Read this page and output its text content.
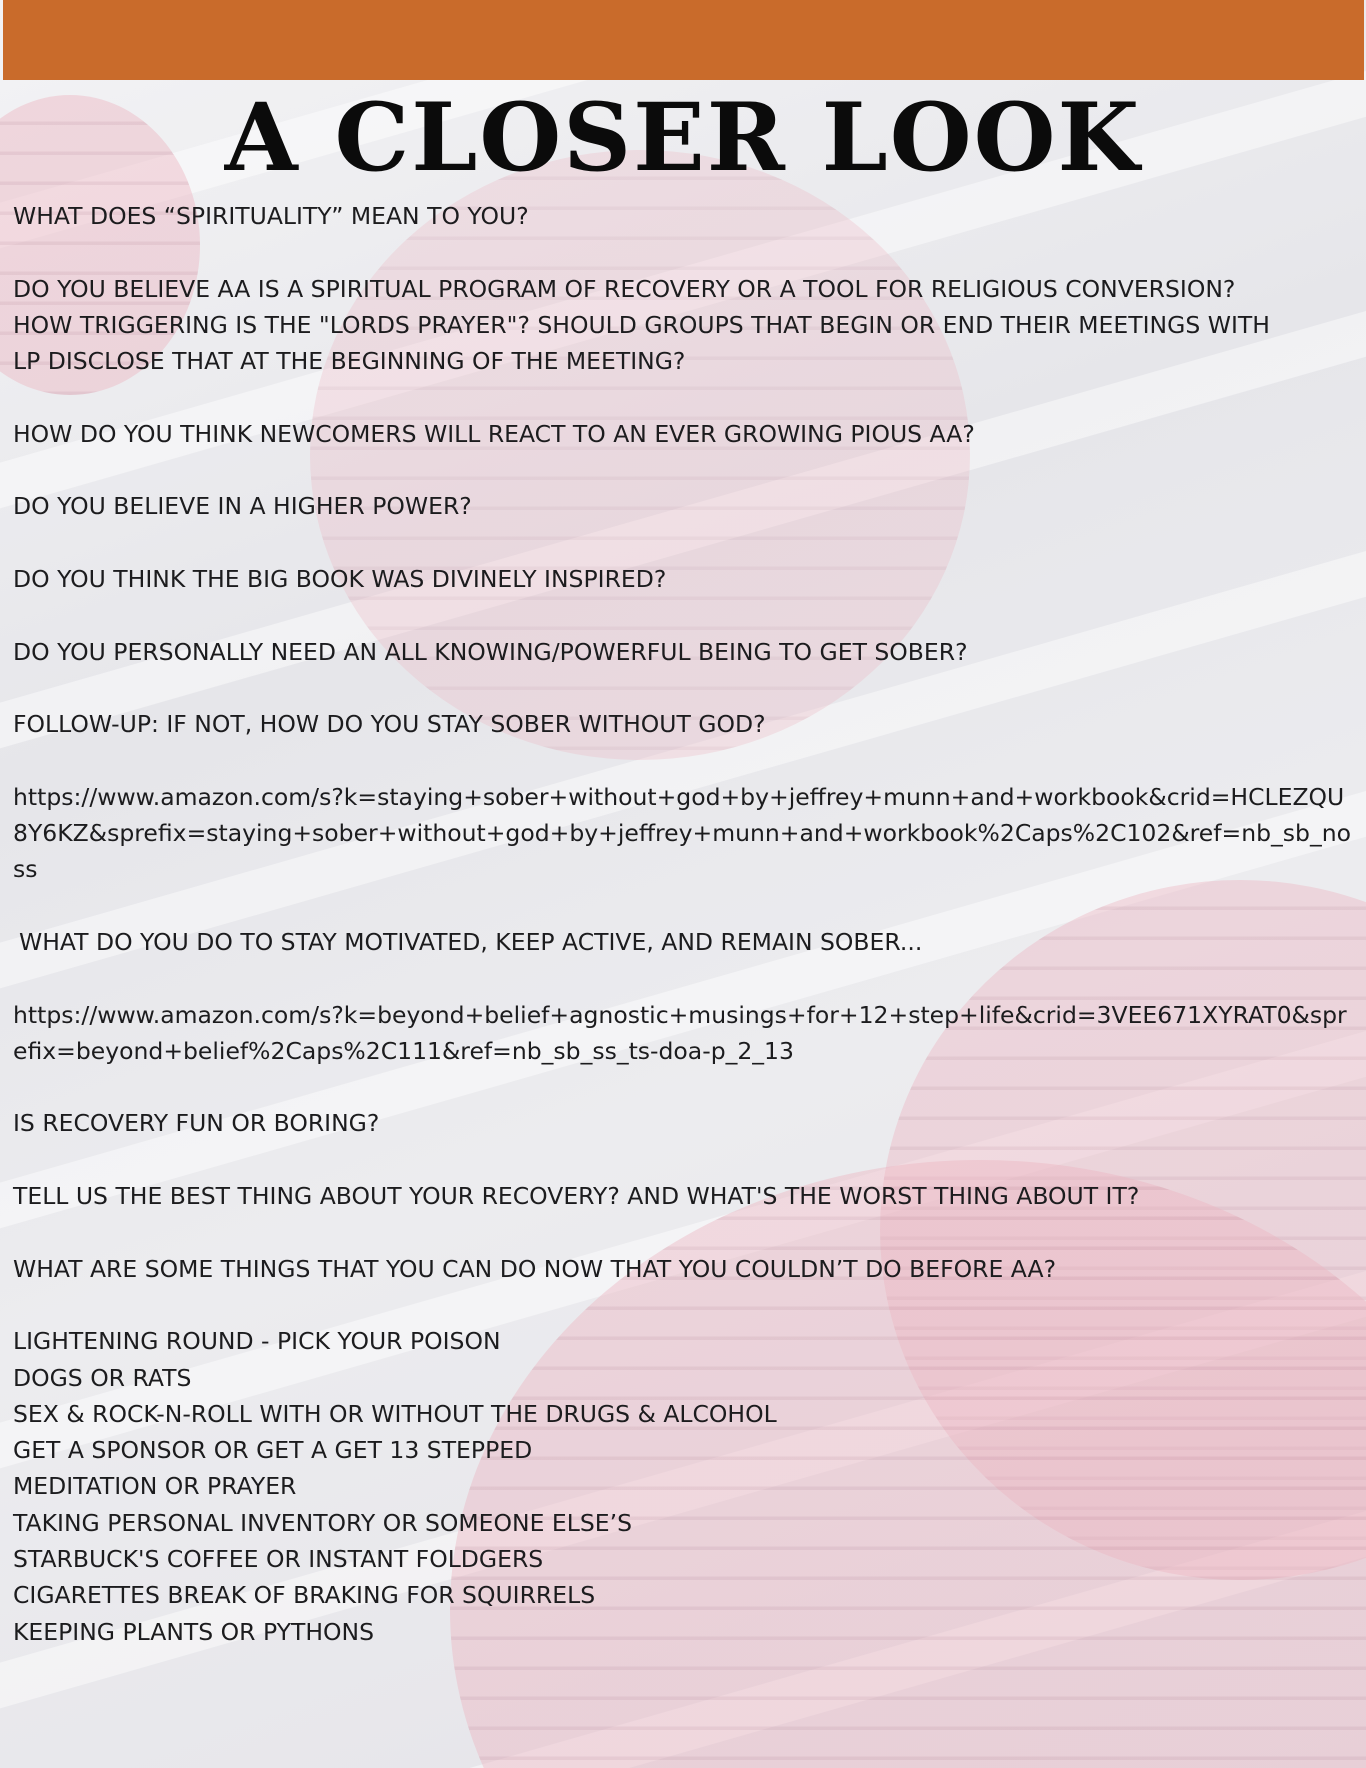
A CLOSER LOOK
WHAT DOES “SPIRITUALITY” MEAN TO YOU?
DO YOU BELIEVE AA IS A SPIRITUAL PROGRAM OF RECOVERY OR A TOOL FOR RELIGIOUS CONVERSION?
HOW TRIGGERING IS THE "LORDS PRAYER"? SHOULD GROUPS THAT BEGIN OR END THEIR MEETINGS WITH
LP DISCLOSE THAT AT THE BEGINNING OF THE MEETING?
HOW DO YOU THINK NEWCOMERS WILL REACT TO AN EVER GROWING PIOUS AA?
DO YOU BELIEVE IN A HIGHER POWER?
DO YOU THINK THE BIG BOOK WAS DIVINELY INSPIRED?
DO YOU PERSONALLY NEED AN ALL KNOWING/POWERFUL BEING TO GET SOBER?
FOLLOW-UP: IF NOT, HOW DO YOU STAY SOBER WITHOUT GOD?
https://www.amazon.com/s?k=staying+sober+without+god+by+jeffrey+munn+and+workbook&crid=HCLEZQU8Y6KZ&sprefix=staying+sober+without+god+by+jeffrey+munn+and+workbook%2Caps%2C102&ref=nb_sb_noss
WHAT DO YOU DO TO STAY MOTIVATED, KEEP ACTIVE, AND REMAIN SOBER...
https://www.amazon.com/s?k=beyond+belief+agnostic+musings+for+12+step+life&crid=3VEE671XYRAT0&sprefix=beyond+belief%2Caps%2C111&ref=nb_sb_ss_ts-doa-p_2_13
IS RECOVERY FUN OR BORING?
TELL US THE BEST THING ABOUT YOUR RECOVERY? AND WHAT'S THE WORST THING ABOUT IT?
WHAT ARE SOME THINGS THAT YOU CAN DO NOW THAT YOU COULDN’T DO BEFORE AA?
LIGHTENING ROUND - PICK YOUR POISON
DOGS OR RATS
SEX & ROCK-N-ROLL WITH OR WITHOUT THE DRUGS & ALCOHOL
GET A SPONSOR OR GET A GET 13 STEPPED
MEDITATION OR PRAYER
TAKING PERSONAL INVENTORY OR SOMEONE ELSE’S
STARBUCK'S COFFEE OR INSTANT FOLDGERS
CIGARETTES BREAK OF BRAKING FOR SQUIRRELS
KEEPING PLANTS OR PYTHONS
